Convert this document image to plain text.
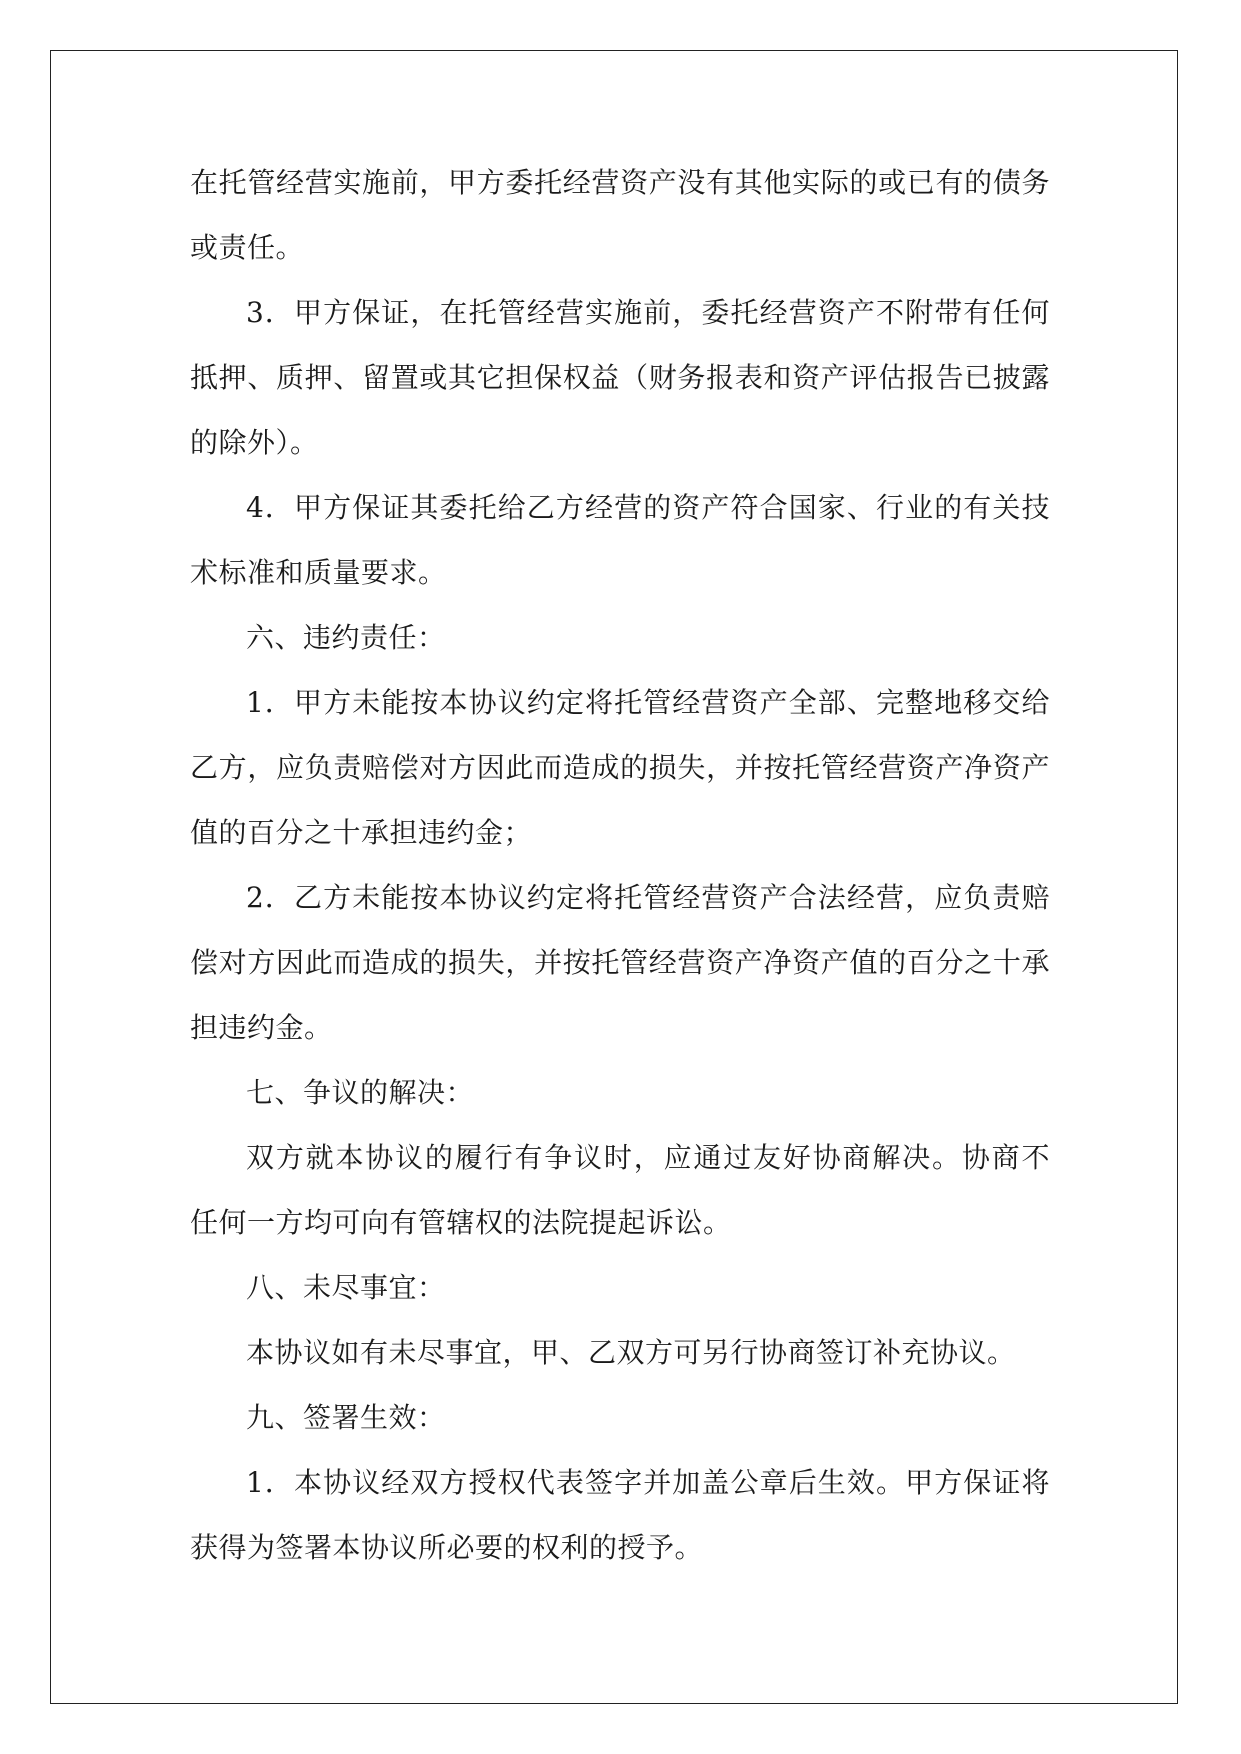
在托管经营实施前，甲方委托经营资产没有其他实际的或已有的债务
或责任。
3．甲方保证，在托管经营实施前，委托经营资产不附带有任何
抵押、质押、留置或其它担保权益（财务报表和资产评估报告已披露
的除外）。
4．甲方保证其委托给乙方经营的资产符合国家、行业的有关技
术标准和质量要求。
六、违约责任：
1．甲方未能按本协议约定将托管经营资产全部、完整地移交给
乙方，应负责赔偿对方因此而造成的损失，并按托管经营资产净资产
值的百分之十承担违约金；
2．乙方未能按本协议约定将托管经营资产合法经营，应负责赔
偿对方因此而造成的损失，并按托管经营资产净资产值的百分之十承
担违约金。
七、争议的解决：
双方就本协议的履行有争议时，应通过友好协商解决。协商不
任何一方均可向有管辖权的法院提起诉讼。
八、未尽事宜：
本协议如有未尽事宜，甲、乙双方可另行协商签订补充协议。
九、签署生效：
1．本协议经双方授权代表签字并加盖公章后生效。甲方保证将
获得为签署本协议所必要的权利的授予。
